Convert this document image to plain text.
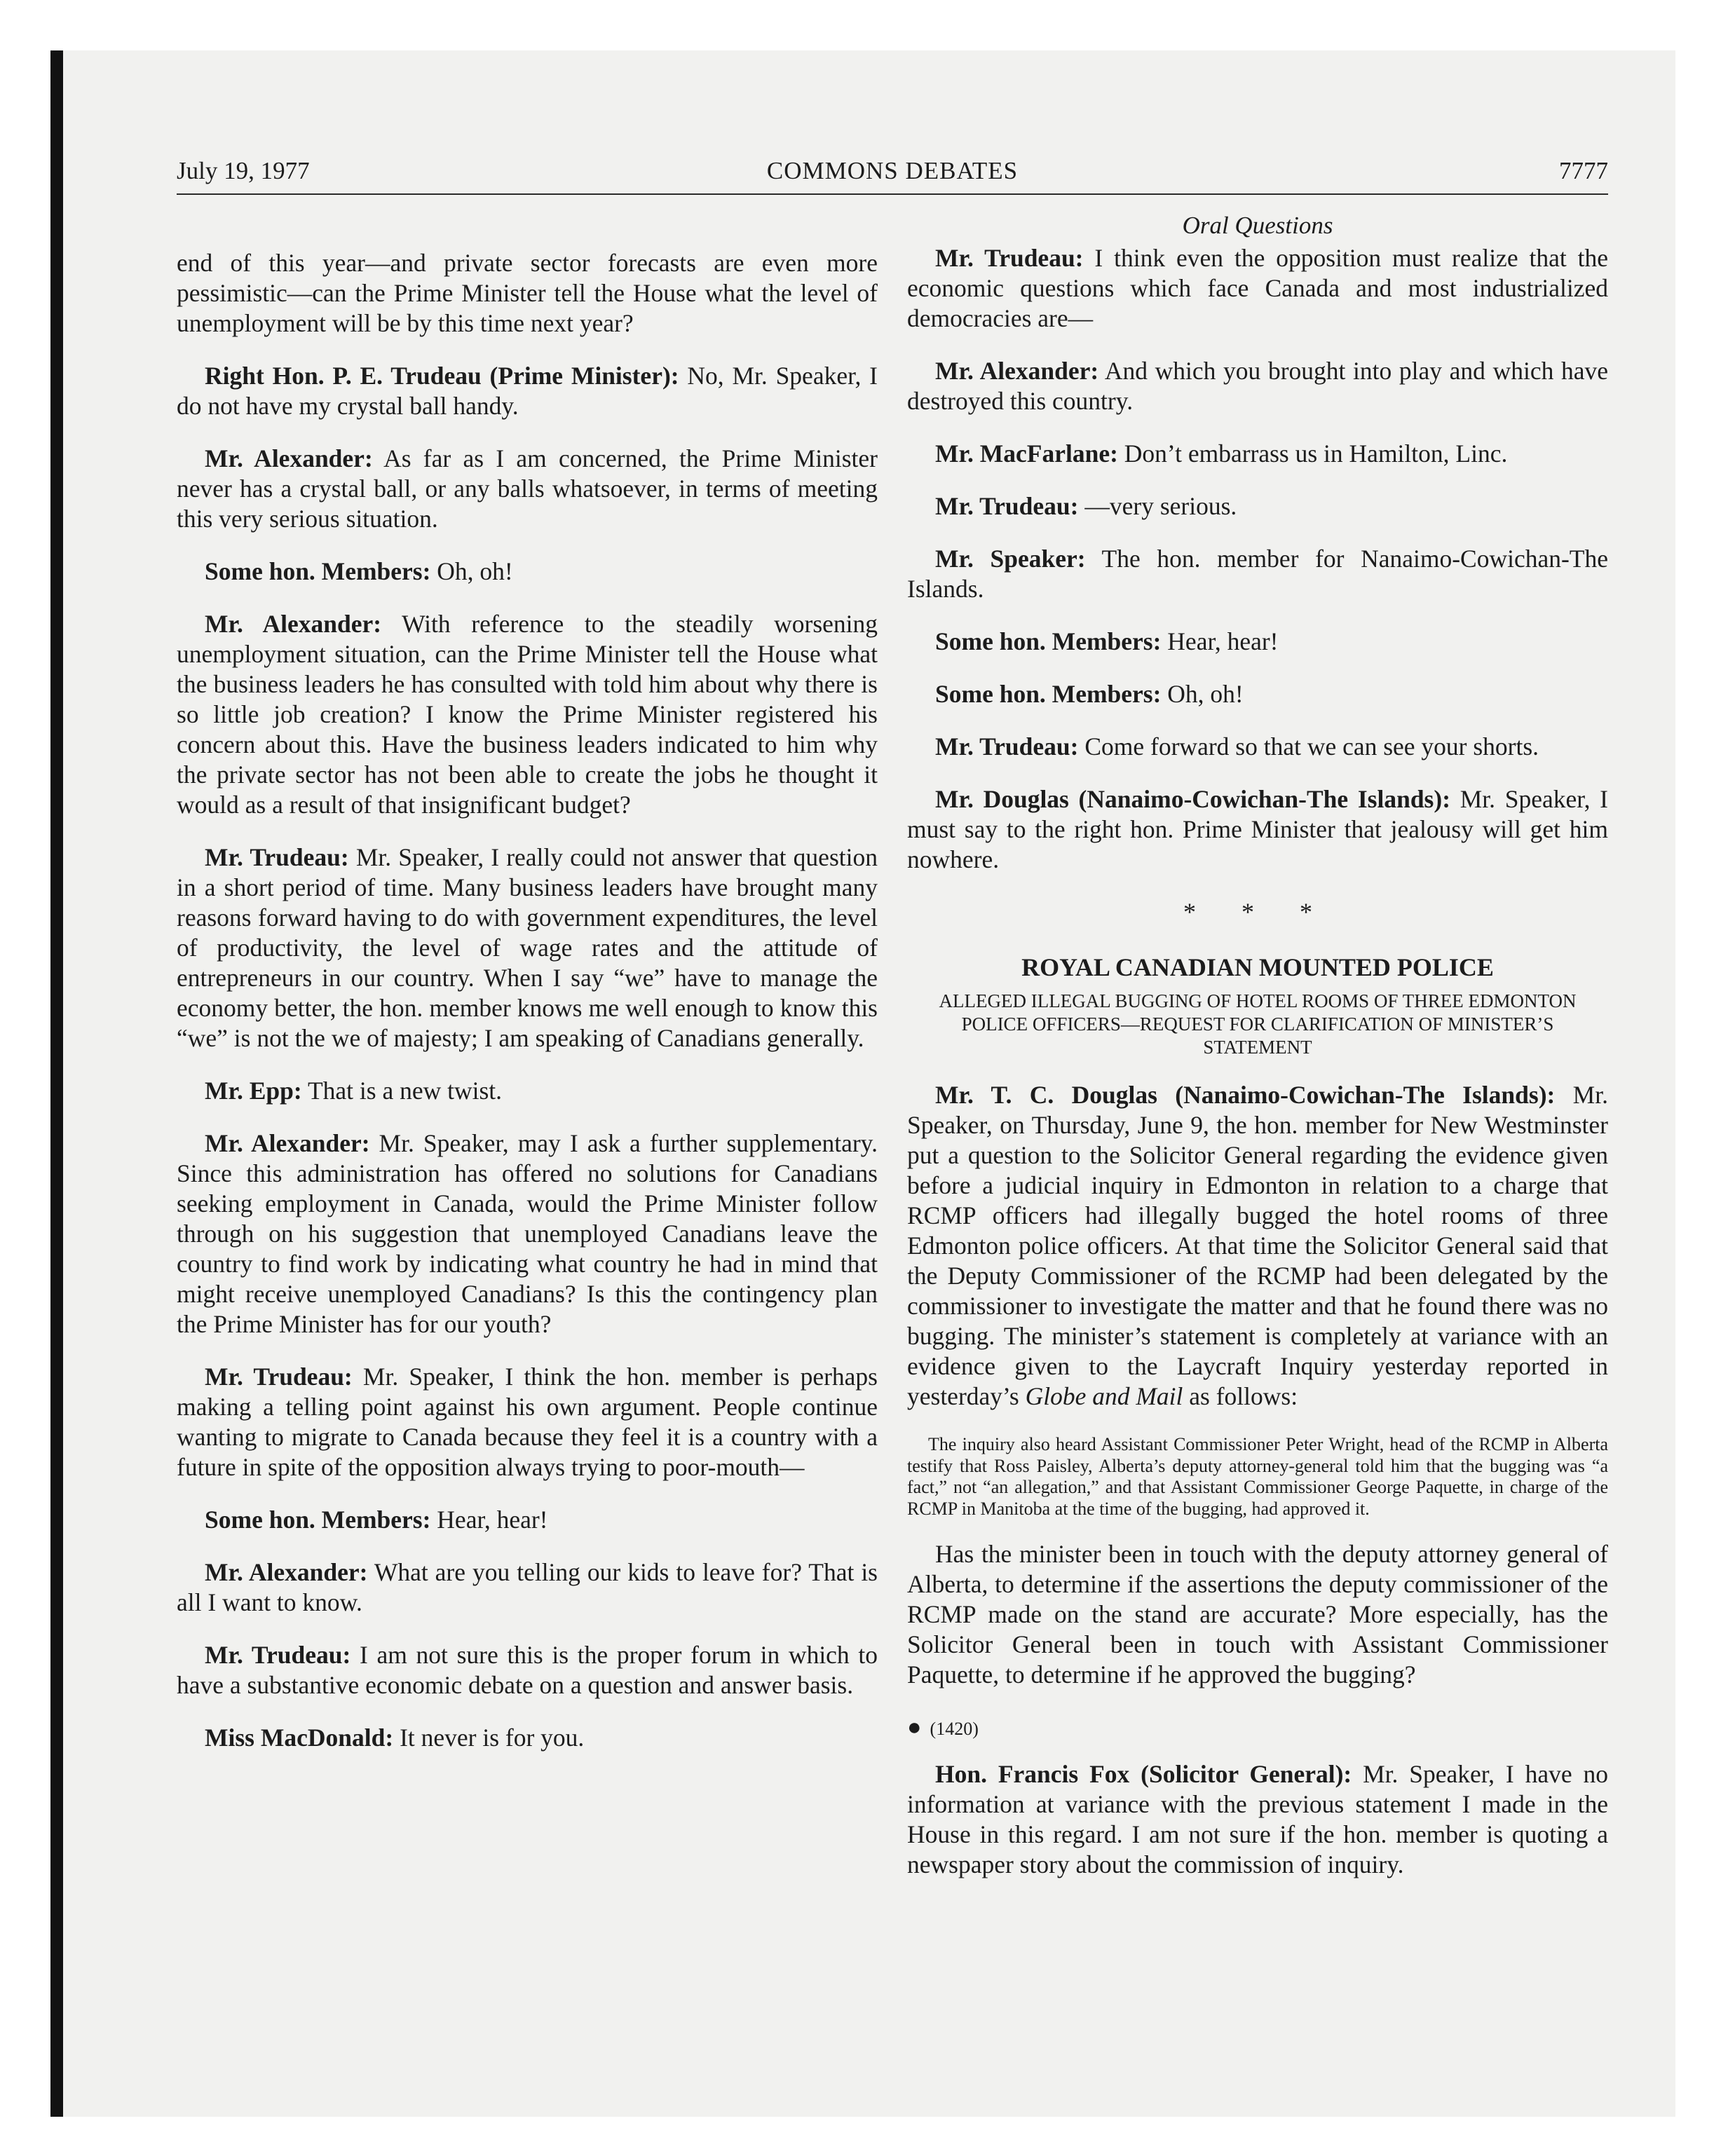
July 19, 1977	COMMONS DEBATES	7777

end of this year—and private sector forecasts are even more pessimistic—can the Prime Minister tell the House what the level of unemployment will be by this time next year?

Right Hon. P. E. Trudeau (Prime Minister): No, Mr. Speaker, I do not have my crystal ball handy.

Mr. Alexander: As far as I am concerned, the Prime Minister never has a crystal ball, or any balls whatsoever, in terms of meeting this very serious situation.

Some hon. Members: Oh, oh!

Mr. Alexander: With reference to the steadily worsening unemployment situation, can the Prime Minister tell the House what the business leaders he has consulted with told him about why there is so little job creation? I know the Prime Minister registered his concern about this. Have the business leaders indicated to him why the private sector has not been able to create the jobs he thought it would as a result of that insignificant budget?

Mr. Trudeau: Mr. Speaker, I really could not answer that question in a short period of time. Many business leaders have brought many reasons forward having to do with government expenditures, the level of productivity, the level of wage rates and the attitude of entrepreneurs in our country. When I say “we” have to manage the economy better, the hon. member knows me well enough to know this “we” is not the we of majesty; I am speaking of Canadians generally.

Mr. Epp: That is a new twist.

Mr. Alexander: Mr. Speaker, may I ask a further supplementary. Since this administration has offered no solutions for Canadians seeking employment in Canada, would the Prime Minister follow through on his suggestion that unemployed Canadians leave the country to find work by indicating what country he had in mind that might receive unemployed Canadians? Is this the contingency plan the Prime Minister has for our youth?

Mr. Trudeau: Mr. Speaker, I think the hon. member is perhaps making a telling point against his own argument. People continue wanting to migrate to Canada because they feel it is a country with a future in spite of the opposition always trying to poor-mouth—

Some hon. Members: Hear, hear!

Mr. Alexander: What are you telling our kids to leave for? That is all I want to know.

Mr. Trudeau: I am not sure this is the proper forum in which to have a substantive economic debate on a question and answer basis.

Miss MacDonald: It never is for you.

Oral Questions

Mr. Trudeau: I think even the opposition must realize that the economic questions which face Canada and most industrialized democracies are—

Mr. Alexander: And which you brought into play and which have destroyed this country.

Mr. MacFarlane: Don’t embarrass us in Hamilton, Linc.

Mr. Trudeau: —very serious.

Mr. Speaker: The hon. member for Nanaimo-Cowichan-The Islands.

Some hon. Members: Hear, hear!

Some hon. Members: Oh, oh!

Mr. Trudeau: Come forward so that we can see your shorts.

Mr. Douglas (Nanaimo-Cowichan-The Islands): Mr. Speaker, I must say to the right hon. Prime Minister that jealousy will get him nowhere.

* * *
ROYAL CANADIAN MOUNTED POLICE
ALLEGED ILLEGAL BUGGING OF HOTEL ROOMS OF THREE EDMONTON POLICE OFFICERS—REQUEST FOR CLARIFICATION OF MINISTER’S STATEMENT

Mr. T. C. Douglas (Nanaimo-Cowichan-The Islands): Mr. Speaker, on Thursday, June 9, the hon. member for New Westminster put a question to the Solicitor General regarding the evidence given before a judicial inquiry in Edmonton in relation to a charge that RCMP officers had illegally bugged the hotel rooms of three Edmonton police officers. At that time the Solicitor General said that the Deputy Commissioner of the RCMP had been delegated by the commissioner to investigate the matter and that he found there was no bugging. The minister’s statement is completely at variance with an evidence given to the Laycraft Inquiry yesterday reported in yesterday’s Globe and Mail as follows:

The inquiry also heard Assistant Commissioner Peter Wright, head of the RCMP in Alberta testify that Ross Paisley, Alberta’s deputy attorney-general told him that the bugging was “a fact,” not “an allegation,” and that Assistant Commissioner George Paquette, in charge of the RCMP in Manitoba at the time of the bugging, had approved it.

Has the minister been in touch with the deputy attorney general of Alberta, to determine if the assertions the deputy commissioner of the RCMP made on the stand are accurate? More especially, has the Solicitor General been in touch with Assistant Commissioner Paquette, to determine if he approved the bugging?

● (1420)

Hon. Francis Fox (Solicitor General): Mr. Speaker, I have no information at variance with the previous statement I made in the House in this regard. I am not sure if the hon. member is quoting a newspaper story about the commission of inquiry.
